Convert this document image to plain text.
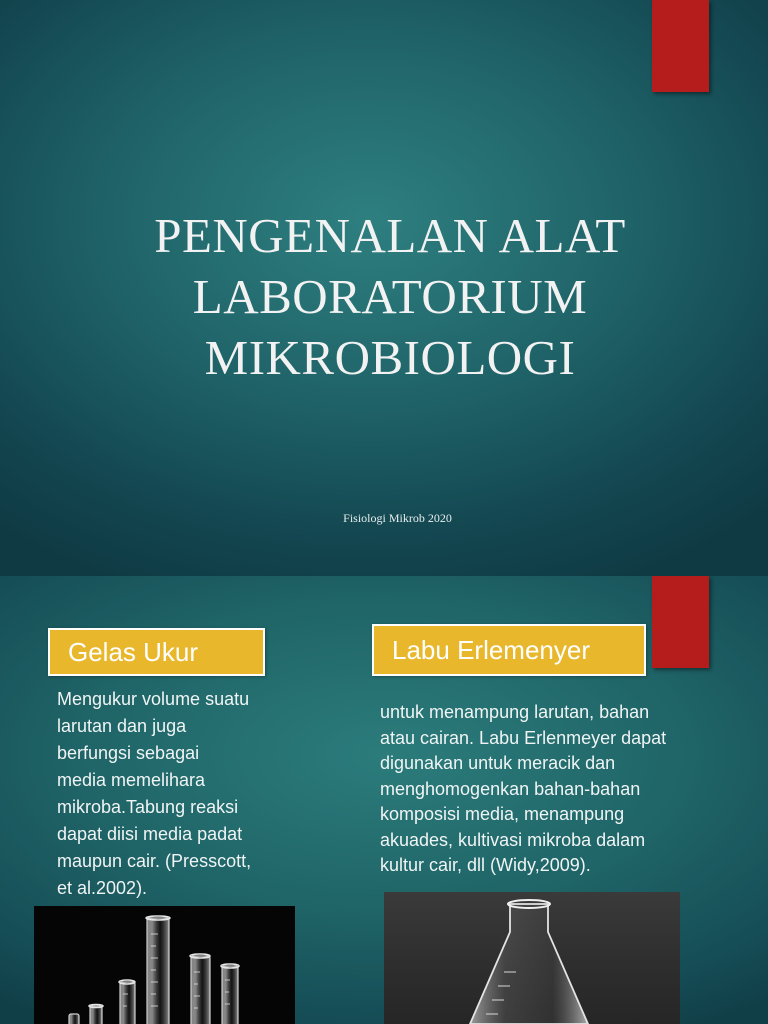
PENGENALAN ALAT
LABORATORIUM
MIKROBIOLOGI
Fisiologi Mikrob 2020
Gelas Ukur	Labu Erlemenyer
Mengukur volume suatu
larutan dan juga
berfungsi sebagai
media memelihara
mikroba.Tabung reaksi
dapat diisi media padat
maupun cair. (Presscott,
et al.2002).
untuk menampung larutan, bahan
atau cairan. Labu Erlenmeyer dapat
digunakan untuk meracik dan
menghomogenkan bahan-bahan
komposisi media, menampung
akuades, kultivasi mikroba dalam
kultur cair, dll (Widy,2009).
